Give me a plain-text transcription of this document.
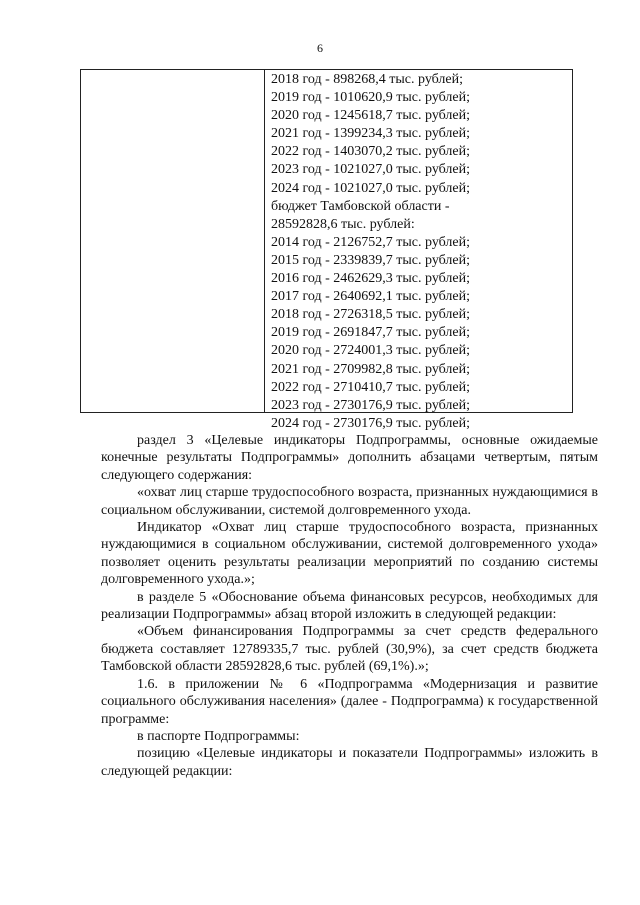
6
2018 год - 898268,4 тыс. рублей;
2019 год - 1010620,9 тыс. рублей;
2020 год - 1245618,7 тыс. рублей;
2021 год - 1399234,3 тыс. рублей;
2022 год - 1403070,2 тыс. рублей;
2023 год - 1021027,0 тыс. рублей;
2024 год - 1021027,0 тыс. рублей;
бюджет Тамбовской области -
28592828,6 тыс. рублей:
2014 год - 2126752,7 тыс. рублей;
2015 год - 2339839,7 тыс. рублей;
2016 год - 2462629,3 тыс. рублей;
2017 год - 2640692,1 тыс. рублей;
2018 год - 2726318,5 тыс. рублей;
2019 год - 2691847,7 тыс. рублей;
2020 год - 2724001,3 тыс. рублей;
2021 год - 2709982,8 тыс. рублей;
2022 год - 2710410,7 тыс. рублей;
2023 год - 2730176,9 тыс. рублей;
2024 год - 2730176,9 тыс. рублей;

раздел 3 «Целевые индикаторы Подпрограммы, основные ожидаемые конечные результаты Подпрограммы» дополнить абзацами четвертым, пятым следующего содержания:

«охват лиц старше трудоспособного возраста, признанных нуждающимися в социальном обслуживании, системой долговременного ухода.

Индикатор «Охват лиц старше трудоспособного возраста, признанных нуждающимися в социальном обслуживании, системой долговременного ухода» позволяет оценить результаты реализации мероприятий по созданию системы долговременного ухода.»;

в разделе 5 «Обоснование объема финансовых ресурсов, необходимых для реализации Подпрограммы» абзац второй изложить в следующей редакции:

«Объем финансирования Подпрограммы за счет средств федерального бюджета составляет 12789335,7 тыс. рублей (30,9%), за счет средств бюджета Тамбовской области 28592828,6 тыс. рублей (69,1%).»;

1.6. в приложении № 6 «Подпрограмма «Модернизация и развитие социального обслуживания населения» (далее - Подпрограмма) к государственной программе:

в паспорте Подпрограммы:

позицию «Целевые индикаторы и показатели Подпрограммы» изложить в следующей редакции:
